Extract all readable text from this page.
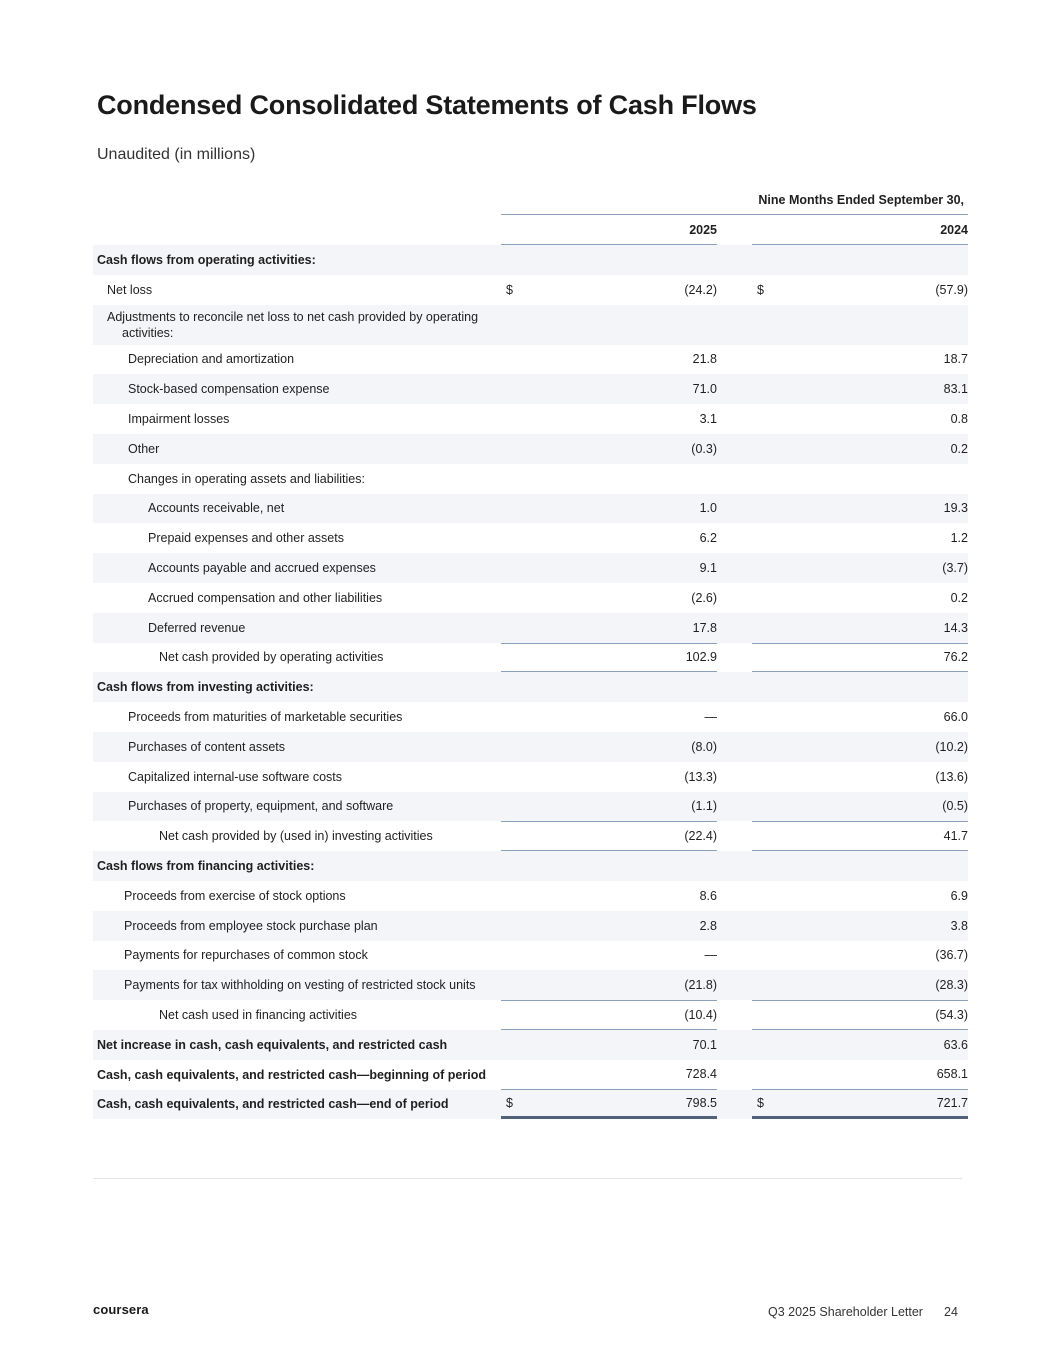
Condensed Consolidated Statements of Cash Flows
Unaudited (in millions)
Nine Months Ended September 30,
2025	2024
Cash flows from operating activities:
Net loss	$	(24.2)	$	(57.9)
Adjustments to reconcile net loss to net cash provided by operating activities:
Depreciation and amortization	21.8	18.7
Stock-based compensation expense	71.0	83.1
Impairment losses	3.1	0.8
Other	(0.3)	0.2
Changes in operating assets and liabilities:
Accounts receivable, net	1.0	19.3
Prepaid expenses and other assets	6.2	1.2
Accounts payable and accrued expenses	9.1	(3.7)
Accrued compensation and other liabilities	(2.6)	0.2
Deferred revenue	17.8	14.3
Net cash provided by operating activities	102.9	76.2
Cash flows from investing activities:
Proceeds from maturities of marketable securities	—	66.0
Purchases of content assets	(8.0)	(10.2)
Capitalized internal-use software costs	(13.3)	(13.6)
Purchases of property, equipment, and software	(1.1)	(0.5)
Net cash provided by (used in) investing activities	(22.4)	41.7
Cash flows from financing activities:
Proceeds from exercise of stock options	8.6	6.9
Proceeds from employee stock purchase plan	2.8	3.8
Payments for repurchases of common stock	—	(36.7)
Payments for tax withholding on vesting of restricted stock units	(21.8)	(28.3)
Net cash used in financing activities	(10.4)	(54.3)
Net increase in cash, cash equivalents, and restricted cash	70.1	63.6
Cash, cash equivalents, and restricted cash—beginning of period	728.4	658.1
Cash, cash equivalents, and restricted cash—end of period	$	798.5	$	721.7
coursera	Q3 2025 Shareholder Letter 24
